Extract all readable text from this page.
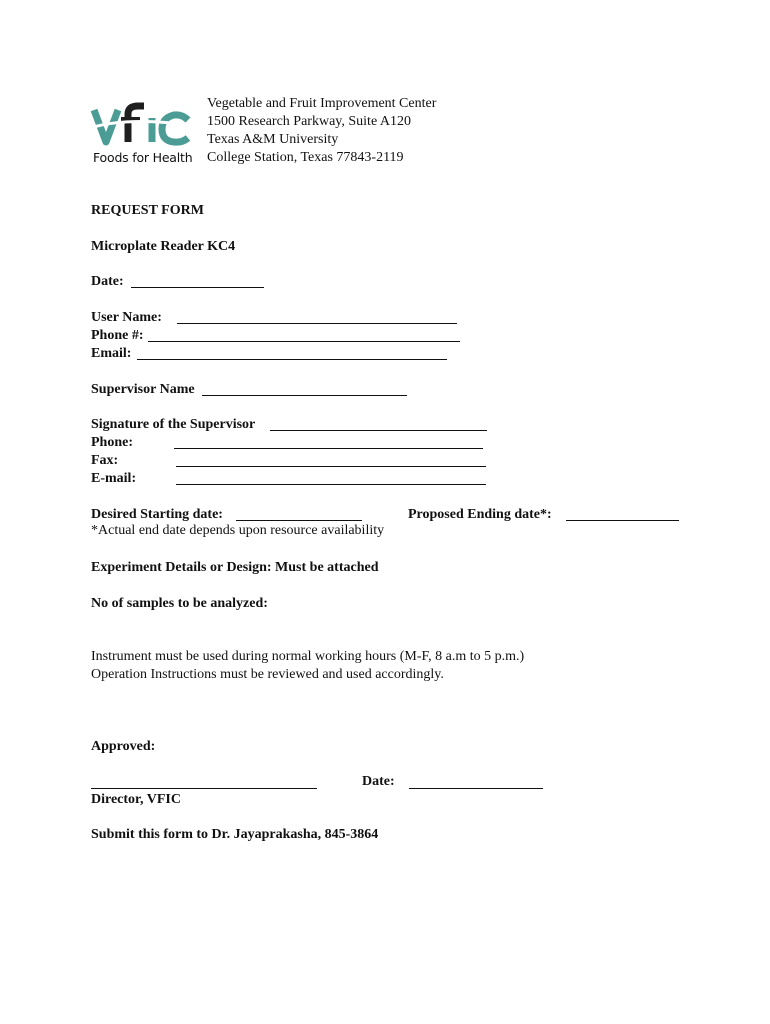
Foods for Health
Vegetable and Fruit Improvement Center
1500 Research Parkway, Suite A120
Texas A&M University
College Station, Texas 77843-2119
REQUEST FORM
Microplate Reader KC4
Date:
User Name:
Phone #:
Email:
Supervisor Name
Signature of the Supervisor
Phone:
Fax:
E-mail:
Desired Starting date:	Proposed Ending date*:
*Actual end date depends upon resource availability
Experiment Details or Design: Must be attached
No of samples to be analyzed:
Instrument must be used during normal working hours (M-F, 8 a.m to 5 p.m.)
Operation Instructions must be reviewed and used accordingly.
Approved:
Date:
Director, VFIC
Submit this form to Dr. Jayaprakasha, 845-3864
